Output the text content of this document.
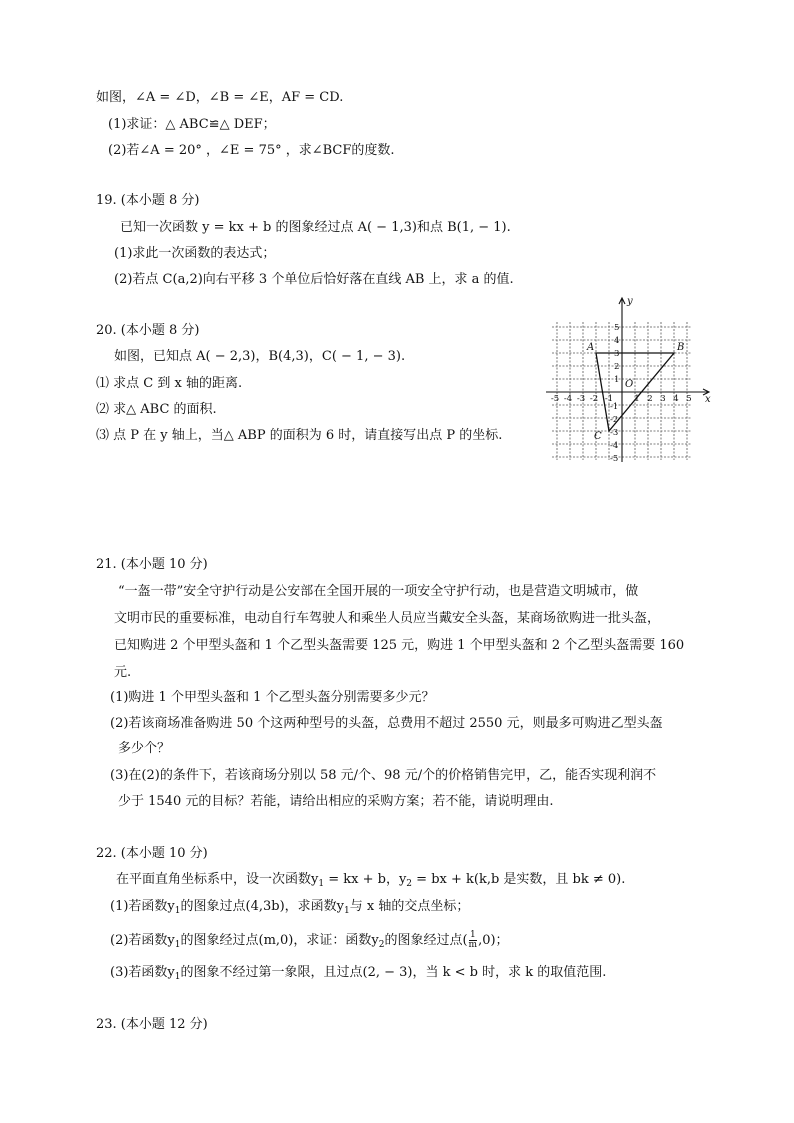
如图，∠A = ∠D，∠B = ∠E，AF = CD.
(1)求证：△ ABC≌△ DEF；
(2)若∠A = 20° ，∠E = 75° ，求∠BCF的度数.
19. (本小题 8 分)
已知一次函数 y = kx + b 的图象经过点 A( − 1,3)和点 B(1, − 1).
(1)求此一次函数的表达式；
(2)若点 C(a,2)向右平移 3 个单位后恰好落在直线 AB 上，求 a 的值.
20. (本小题 8 分)
如图，已知点 A( − 2,3)，B(4,3)，C( − 1, − 3).
⑴ 求点 C 到 x 轴的距离.
⑵ 求△ ABC 的面积.
⑶ 点 P 在 y 轴上，当△ ABP 的面积为 6 时，请直接写出点 P 的坐标.
x
y
O
A	B
C
-5 -4 -3 -2 -1 1 2 3 4 5
5
4
3
2
1
-1
-2
-3
-4
-5
21. (本小题 10 分)
“一盔一带”安全守护行动是公安部在全国开展的一项安全守护行动，也是营造文明城市，做
文明市民的重要标准，电动自行车驾驶人和乘坐人员应当戴安全头盔，某商场欲购进一批头盔，
已知购进 2 个甲型头盔和 1 个乙型头盔需要 125 元，购进 1 个甲型头盔和 2 个乙型头盔需要 160
元.
(1)购进 1 个甲型头盔和 1 个乙型头盔分别需要多少元？
(2)若该商场准备购进 50 个这两种型号的头盔，总费用不超过 2550 元，则最多可购进乙型头盔
多少个？
(3)在(2)的条件下，若该商场分别以 58 元/个、98 元/个的价格销售完甲，乙，能否实现利润不
少于 1540 元的目标？若能，请给出相应的采购方案；若不能，请说明理由.
22. (本小题 10 分)
在平面直角坐标系中，设一次函数$y_1$ = kx + b，$y_2$ = bx + k(k,b 是实数，且 bk ≠ 0).
(1)若函数$y_1$的图象过点(4,3b)，求函数$y_1$与 x 轴的交点坐标；
(2)若函数$y_1$的图象经过点(m,0)，求证：函数$y_2$的图象经过点( $\frac{1}{m} ,0$)；
(3)若函数$y_1$的图象不经过第一象限，且过点(2, − 3)，当 k < b 时，求 k 的取值范围.
23. (本小题 12 分)
